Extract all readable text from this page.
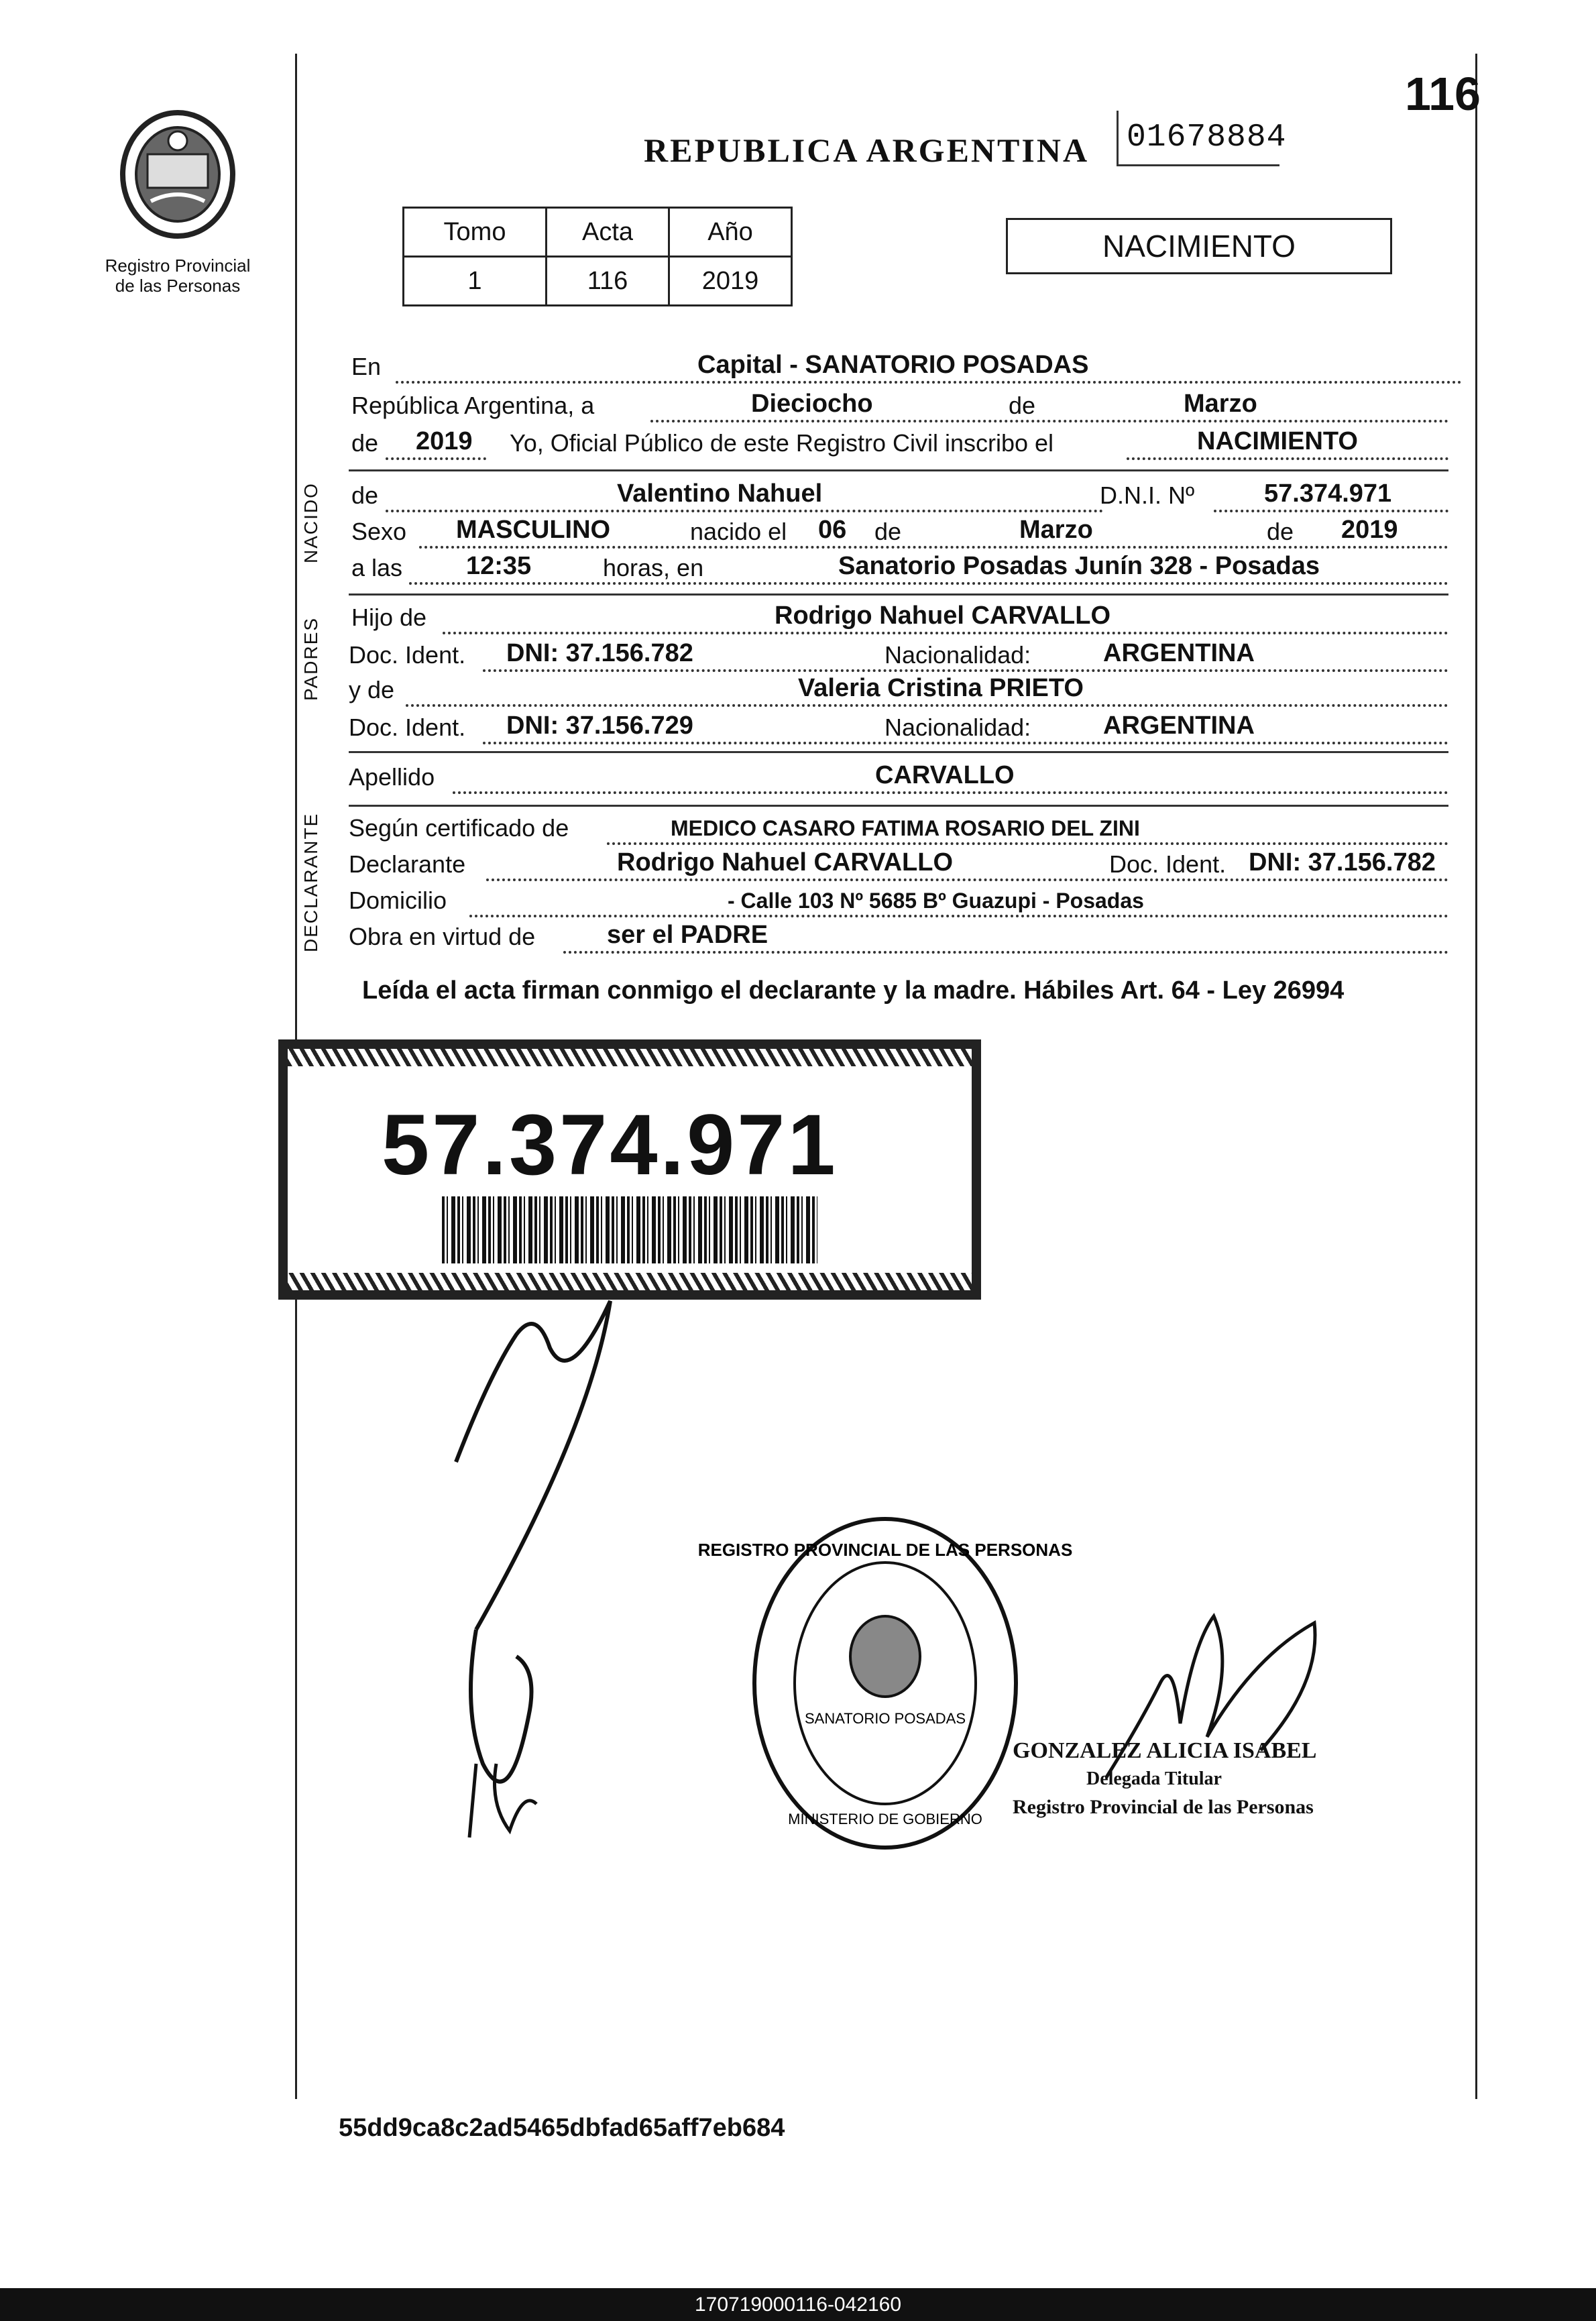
Registro Provincial
de las Personas
116
REPUBLICA ARGENTINA 01678884
Tomo	Acta	Año
1	116	2019
NACIMIENTO
En	Capital - SANATORIO POSADAS
República Argentina, a	Dieciocho	de	Marzo
de 2019 Yo, Oficial Público de este Registro Civil inscribo el	NACIMIENTO
NACIDO de	Valentino Nahuel	D.N.I. Nº	57.374.971
Sexo MASCULINO	nacido el 06 de	Marzo	de 2019
a las 12:35	horas, en	Sanatorio Posadas Junín 328 - Posadas
PADRES Hijo de	Rodrigo Nahuel CARVALLO
Doc. Ident. DNI: 37.156.782	Nacionalidad:	ARGENTINA
y de	Valeria Cristina PRIETO
Doc. Ident. DNI: 37.156.729	Nacionalidad:	ARGENTINA
Apellido	CARVALLO
DECLARANTE Según certificado de	MEDICO CASARO FATIMA ROSARIO DEL ZINI
Declarante	Rodrigo Nahuel CARVALLO	Doc. Ident. DNI: 37.156.782
Domicilio	- Calle 103 Nº 5685 Bº Guazupi - Posadas
Obra en virtud de	ser el PADRE
Leída el acta firman conmigo el declarante y la madre. Hábiles Art. 64 - Ley 26994
57.374.971
REGISTRO PROVINCIAL DE LAS PERSONAS
SANATORIO POSADAS
MINISTERIO DE GOBIERNO
GONZALEZ ALICIA ISABEL
Delegada Titular
Registro Provincial de las Personas
55dd9ca8c2ad5465dbfad65aff7eb684
170719000116-042160
